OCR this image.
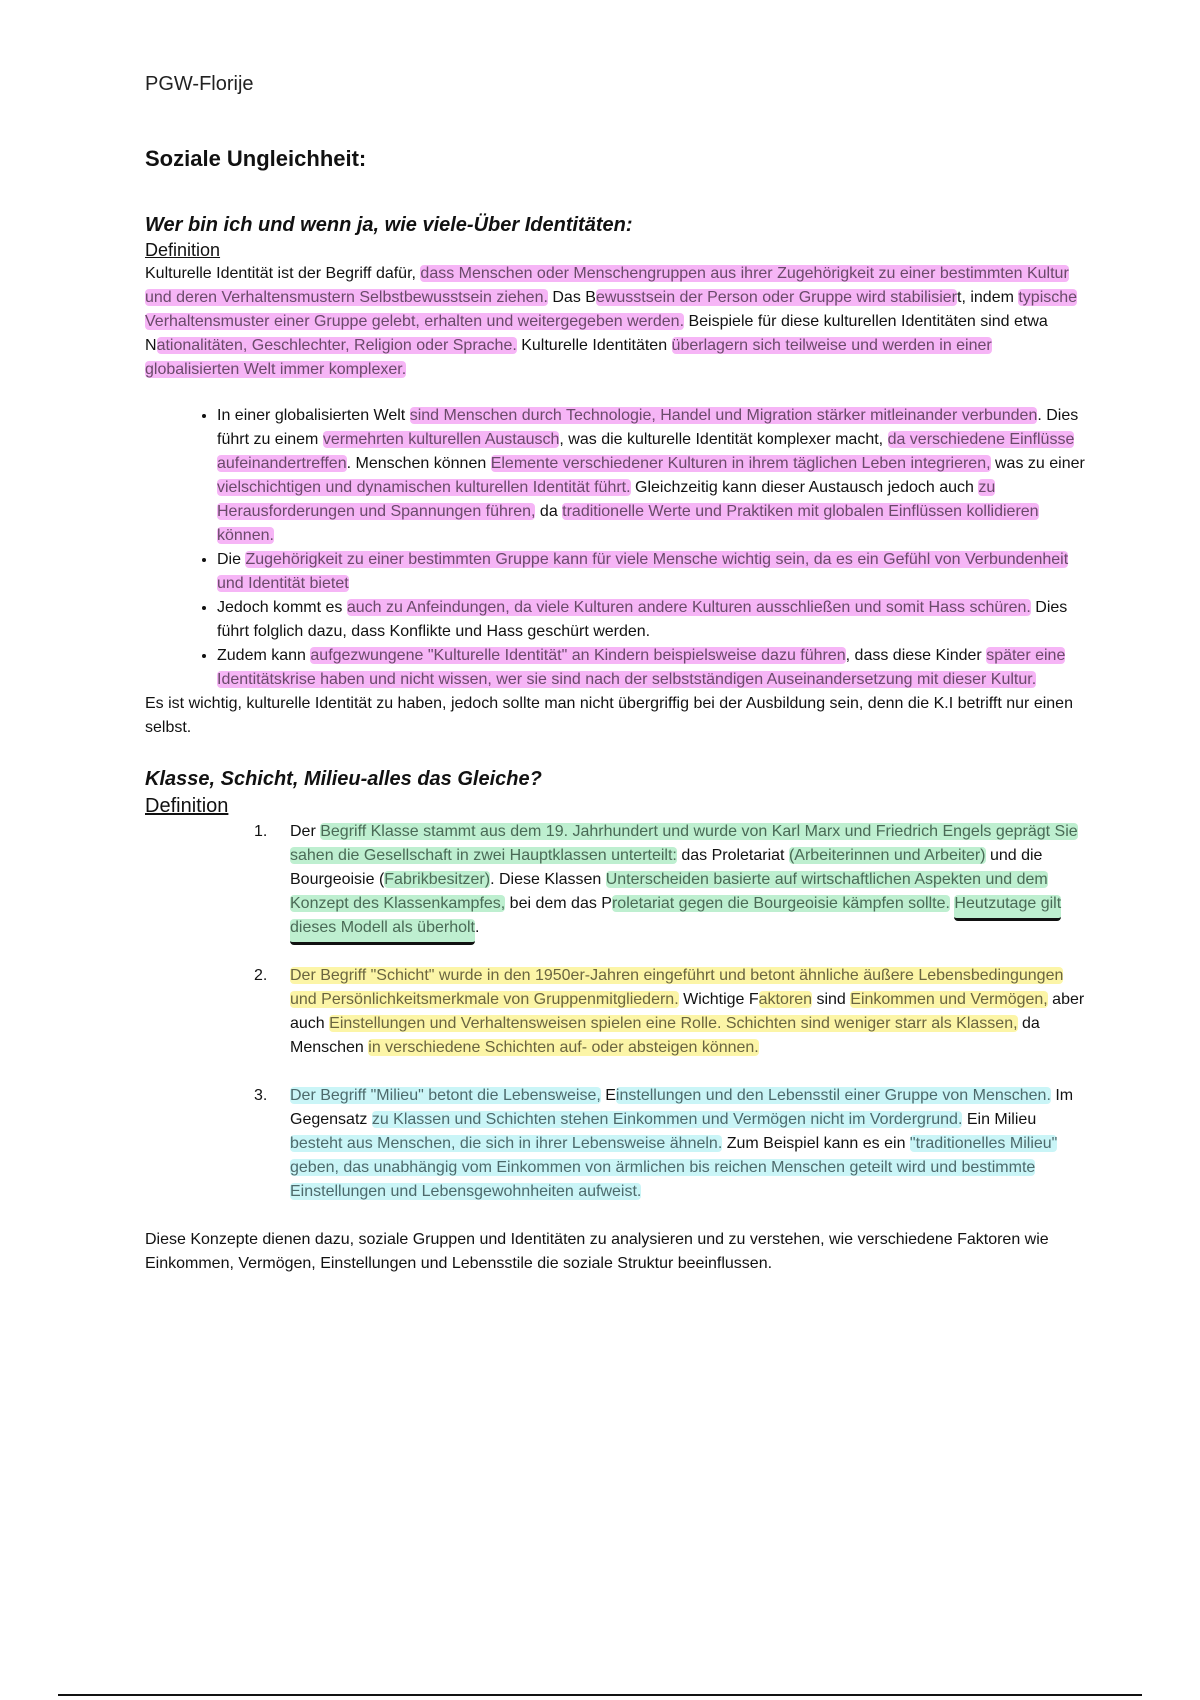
PGW-Florije

Soziale Ungleichheit:

Wer bin ich und wenn ja, wie viele-Über Identitäten:

Definition

Kulturelle Identität ist der Begriff dafür, dass Menschen oder Menschengruppen aus ihrer Zugehörigkeit zu einer bestimmten Kultur und deren Verhaltensmustern Selbstbewusstsein ziehen. Das Bewusstsein der Person oder Gruppe wird stabilisiert, indem typische Verhaltensmuster einer Gruppe gelebt, erhalten und weitergegeben werden. Beispiele für diese kulturellen Identitäten sind etwa Nationalitäten, Geschlechter, Religion oder Sprache. Kulturelle Identitäten überlagern sich teilweise und werden in einer globalisierten Welt immer komplexer.

• In einer globalisierten Welt sind Menschen durch Technologie, Handel und Migration stärker mitleinander verbunden. Dies führt zu einem vermehrten kulturellen Austausch, was die kulturelle Identität komplexer macht, da verschiedene Einflüsse aufeinandertreffen. Menschen können Elemente verschiedener Kulturen in ihrem täglichen Leben integrieren, was zu einer vielschichtigen und dynamischen kulturellen Identität führt. Gleichzeitig kann dieser Austausch jedoch auch zu Herausforderungen und Spannungen führen, da traditionelle Werte und Praktiken mit globalen Einflüssen kollidieren können.
• Die Zugehörigkeit zu einer bestimmten Gruppe kann für viele Mensche wichtig sein, da es ein Gefühl von Verbundenheit und Identität bietet
• Jedoch kommt es auch zu Anfeindungen, da viele Kulturen andere Kulturen ausschließen und somit Hass schüren. Dies führt folglich dazu, dass Konflikte und Hass geschürt werden.
• Zudem kann aufgezwungene "Kulturelle Identität" an Kindern beispielsweise dazu führen, dass diese Kinder später eine Identitätskrise haben und nicht wissen, wer sie sind nach der selbstständigen Auseinandersetzung mit dieser Kultur.

Es ist wichtig, kulturelle Identität zu haben, jedoch sollte man nicht übergriffig bei der Ausbildung sein, denn die K.I betrifft nur einen selbst.

Klasse, Schicht, Milieu-alles das Gleiche?

Definition

1. Der Begriff Klasse stammt aus dem 19. Jahrhundert und wurde von Karl Marx und Friedrich Engels geprägt Sie sahen die Gesellschaft in zwei Hauptklassen unterteilt: das Proletariat (Arbeiterinnen und Arbeiter) und die Bourgeoisie (Fabrikbesitzer). Diese Klassen Unterscheiden basierte auf wirtschaftlichen Aspekten und dem Konzept des Klassenkampfes, bei dem das Proletariat gegen die Bourgeoisie kämpfen sollte. Heutzutage gilt dieses Modell als überholt.
2. Der Begriff "Schicht" wurde in den 1950er-Jahren eingeführt und betont ähnliche äußere Lebensbedingungen und Persönlichkeitsmerkmale von Gruppenmitgliedern. Wichtige Faktoren sind Einkommen und Vermögen, aber auch Einstellungen und Verhaltensweisen spielen eine Rolle. Schichten sind weniger starr als Klassen, da Menschen in verschiedene Schichten auf- oder absteigen können.
3. Der Begriff "Milieu" betont die Lebensweise, Einstellungen und den Lebensstil einer Gruppe von Menschen. Im Gegensatz zu Klassen und Schichten stehen Einkommen und Vermögen nicht im Vordergrund. Ein Milieu besteht aus Menschen, die sich in ihrer Lebensweise ähneln. Zum Beispiel kann es ein "traditionelles Milieu" geben, das unabhängig vom Einkommen von ärmlichen bis reichen Menschen geteilt wird und bestimmte Einstellungen und Lebensgewohnheiten aufweist.

Diese Konzepte dienen dazu, soziale Gruppen und Identitäten zu analysieren und zu verstehen, wie verschiedene Faktoren wie Einkommen, Vermögen, Einstellungen und Lebensstile die soziale Struktur beeinflussen.
